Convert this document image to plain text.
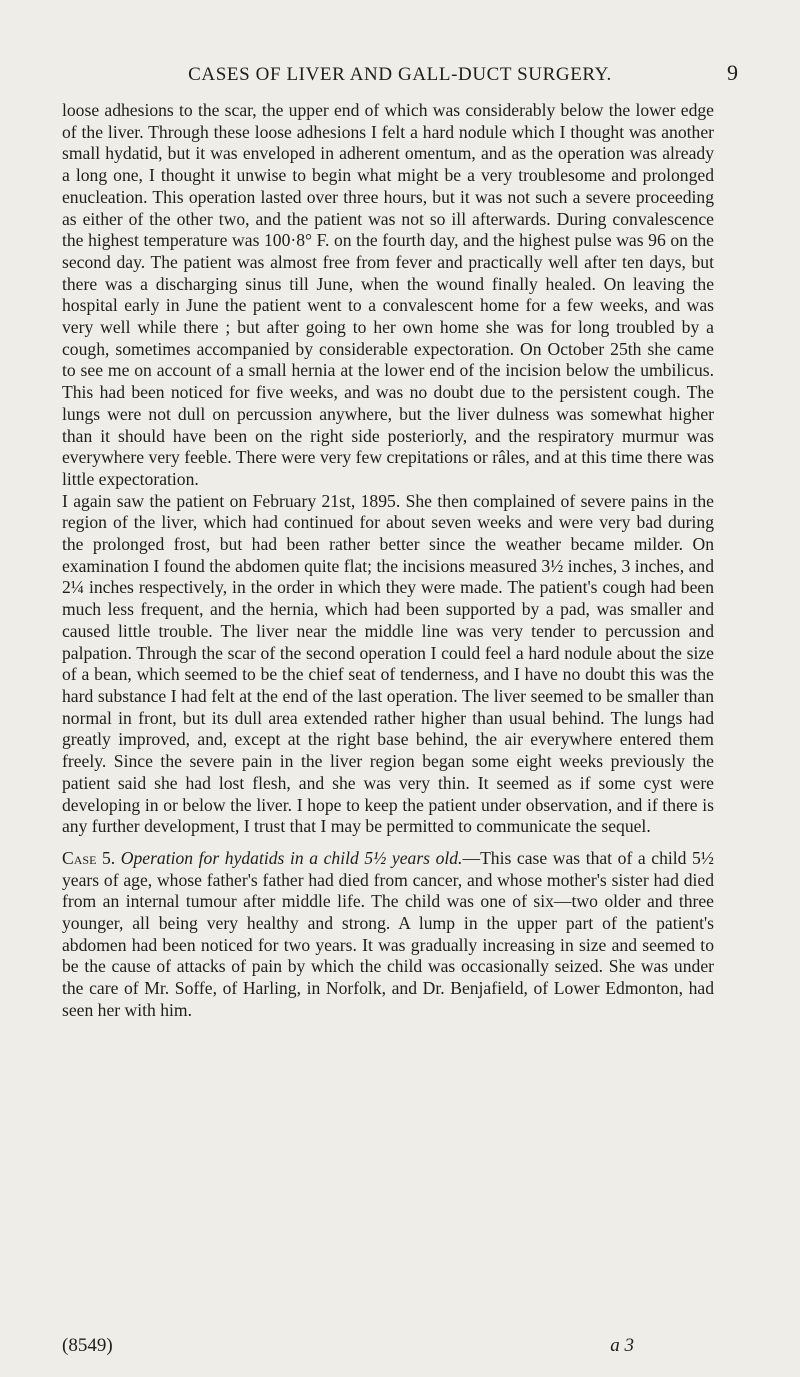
CASES OF LIVER AND GALL-DUCT SURGERY.	9

loose adhesions to the scar, the upper end of which was considerably below the lower edge of the liver. Through these loose adhesions I felt a hard nodule which I thought was another small hydatid, but it was enveloped in adherent omentum, and as the operation was already a long one, I thought it unwise to begin what might be a very troublesome and prolonged enucleation. This operation lasted over three hours, but it was not such a severe proceeding as either of the other two, and the patient was not so ill afterwards. During convalescence the highest temperature was 100·8° F. on the fourth day, and the highest pulse was 96 on the second day. The patient was almost free from fever and practically well after ten days, but there was a discharging sinus till June, when the wound finally healed. On leaving the hospital early in June the patient went to a convalescent home for a few weeks, and was very well while there ; but after going to her own home she was for long troubled by a cough, sometimes accompanied by considerable expectoration. On October 25th she came to see me on account of a small hernia at the lower end of the incision below the umbilicus. This had been noticed for five weeks, and was no doubt due to the persistent cough. The lungs were not dull on percussion anywhere, but the liver dulness was somewhat higher than it should have been on the right side posteriorly, and the respiratory murmur was everywhere very feeble. There were very few crepitations or râles, and at this time there was little expectoration.

I again saw the patient on February 21st, 1895. She then complained of severe pains in the region of the liver, which had continued for about seven weeks and were very bad during the prolonged frost, but had been rather better since the weather became milder. On examination I found the abdomen quite flat; the incisions measured 3½ inches, 3 inches, and 2¼ inches respectively, in the order in which they were made. The patient's cough had been much less frequent, and the hernia, which had been supported by a pad, was smaller and caused little trouble. The liver near the middle line was very tender to percussion and palpation. Through the scar of the second operation I could feel a hard nodule about the size of a bean, which seemed to be the chief seat of tenderness, and I have no doubt this was the hard substance I had felt at the end of the last operation. The liver seemed to be smaller than normal in front, but its dull area extended rather higher than usual behind. The lungs had greatly improved, and, except at the right base behind, the air everywhere entered them freely. Since the severe pain in the liver region began some eight weeks previously the patient said she had lost flesh, and she was very thin. It seemed as if some cyst were developing in or below the liver. I hope to keep the patient under observation, and if there is any further development, I trust that I may be permitted to communicate the sequel.

Case 5. Operation for hydatids in a child 5½ years old.—This case was that of a child 5½ years of age, whose father's father had died from cancer, and whose mother's sister had died from an internal tumour after middle life. The child was one of six—two older and three younger, all being very healthy and strong. A lump in the upper part of the patient's abdomen had been noticed for two years. It was gradually increasing in size and seemed to be the cause of attacks of pain by which the child was occasionally seized. She was under the care of Mr. Soffe, of Harling, in Norfolk, and Dr. Benjafield, of Lower Edmonton, had seen her with him.

(8549)	a 3
